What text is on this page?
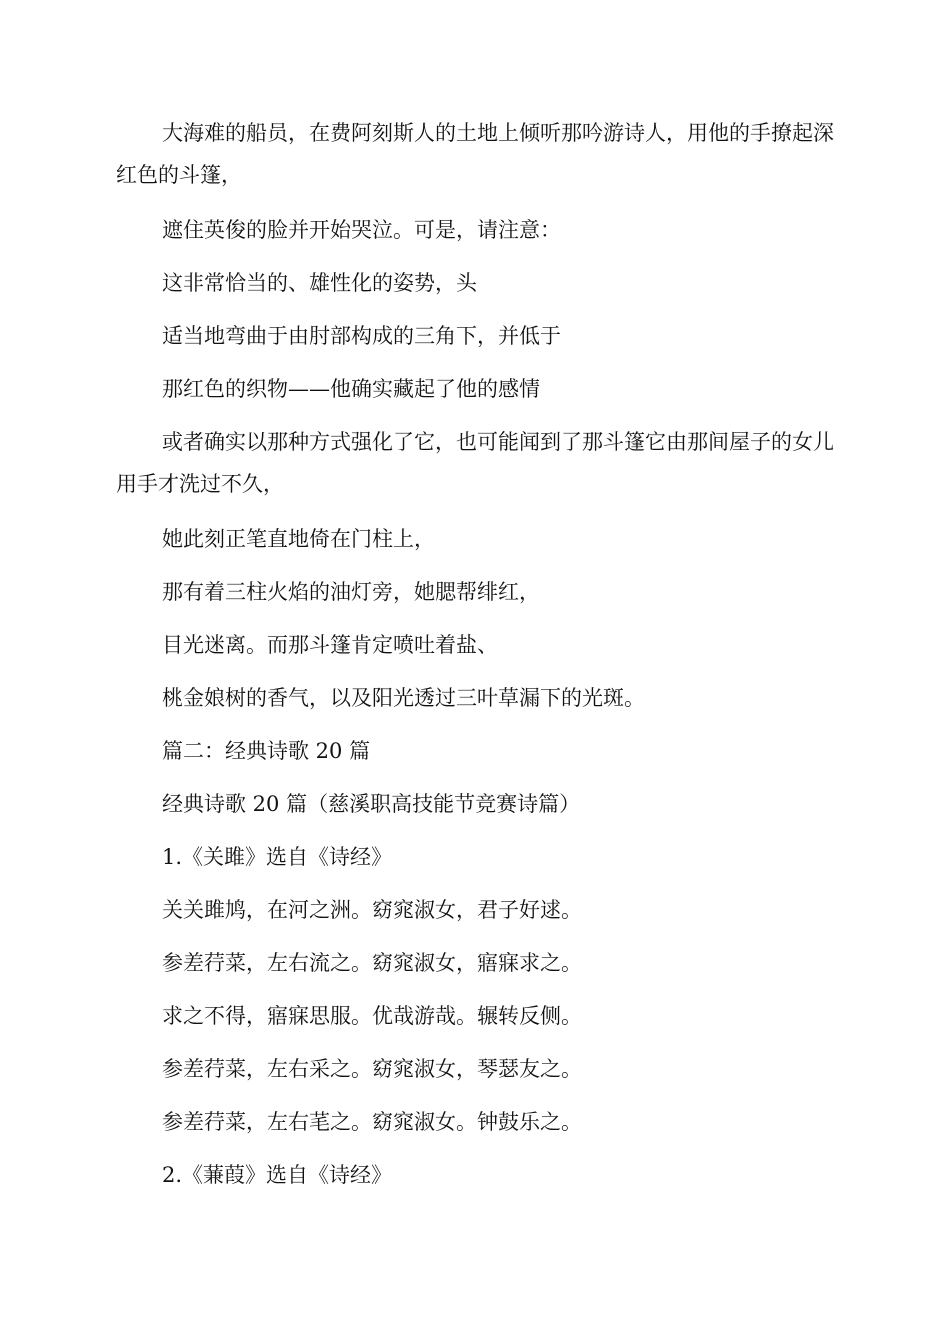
大海难的船员，在费阿刻斯人的土地上倾听那吟游诗人，用他的手撩起深红色的斗篷，

遮住英俊的脸并开始哭泣。可是，请注意：

这非常恰当的、雄性化的姿势，头

适当地弯曲于由肘部构成的三角下，并低于

那红色的织物——他确实藏起了他的感情

或者确实以那种方式强化了它，也可能闻到了那斗篷它由那间屋子的女儿用手才洗过不久，

她此刻正笔直地倚在门柱上，

那有着三柱火焰的油灯旁，她腮帮绯红，

目光迷离。而那斗篷肯定喷吐着盐、

桃金娘树的香气，以及阳光透过三叶草漏下的光斑。

篇二：经典诗歌 20 篇

经典诗歌 20 篇（慈溪职高技能节竞赛诗篇）

1.《关雎》选自《诗经》

关关雎鸠，在河之洲。窈窕淑女，君子好逑。

参差荇菜，左右流之。窈窕淑女，寤寐求之。

求之不得，寤寐思服。优哉游哉。辗转反侧。

参差荇菜，左右采之。窈窕淑女，琴瑟友之。

参差荇菜，左右芼之。窈窕淑女。钟鼓乐之。

2.《蒹葭》选自《诗经》
